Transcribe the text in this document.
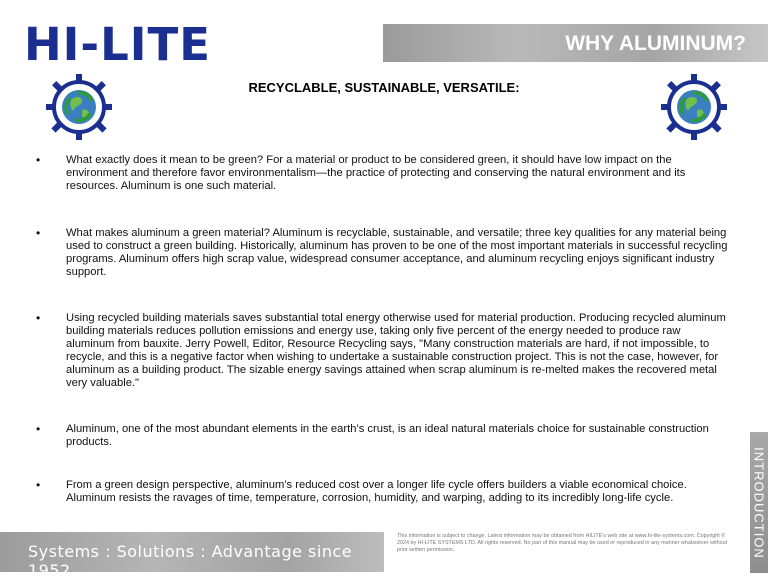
HI-LITE	WHY ALUMINUM?
RECYCLABLE, SUSTAINABLE, VERSATILE:
• What exactly does it mean to be green? For a material or product to be considered green, it should have low impact on the environment and therefore favor environmentalism—the practice of protecting and conserving the natural environment and its resources. Aluminum is one such material.
• What makes aluminum a green material? Aluminum is recyclable, sustainable, and versatile; three key qualities for any material being used to construct a green building. Historically, aluminum has proven to be one of the most important materials in successful recycling programs. Aluminum offers high scrap value, widespread consumer acceptance, and aluminum recycling enjoys significant industry support.
• Using recycled building materials saves substantial total energy otherwise used for material production. Producing recycled aluminum building materials reduces pollution emissions and energy use, taking only five percent of the energy needed to produce raw aluminum from bauxite. Jerry Powell, Editor, Resource Recycling says, "Many construction materials are hard, if not impossible, to recycle, and this is a negative factor when wishing to undertake a sustainable construction project. This is not the case, however, for aluminum as a building product. The sizable energy savings attained when scrap aluminum is re-melted makes the recovered metal very valuable."
• Aluminum, one of the most abundant elements in the earth’s crust, is an ideal natural materials choice for sustainable construction products.
• From a green design perspective, aluminum’s reduced cost over a longer life cycle offers builders a viable economical choice. Aluminum resists the ravages of time, temperature, corrosion, humidity, and warping, adding to its incredibly long-life cycle.	INTRODUCTION
Systems : Solutions : Advantage since 1952
This information is subject to change. Latest information may be obtained from HILITE's web site at www.hi-lite-systems.com. Copyright © 2024 by HI-LITE SYSTEMS LTD. All rights reserved. No part of this manual may be used or reproduced in any manner whatsoever without prior written permission.
